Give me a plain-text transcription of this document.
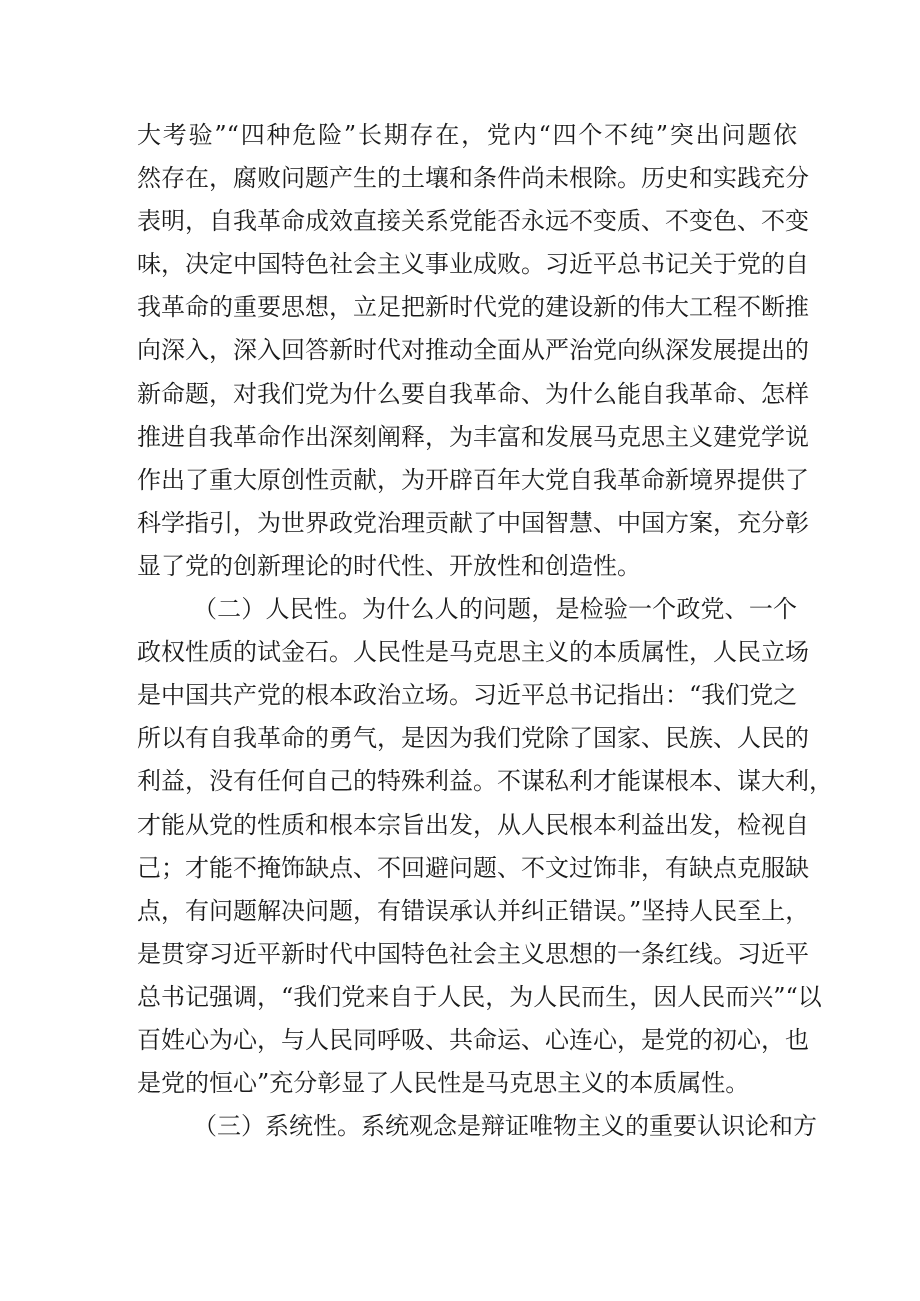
大考验”“四种危险”长期存在，党内“四个不纯”突出问题依
然存在，腐败问题产生的土壤和条件尚未根除。历史和实践充分
表明，自我革命成效直接关系党能否永远不变质、不变色、不变
味，决定中国特色社会主义事业成败。习近平总书记关于党的自
我革命的重要思想，立足把新时代党的建设新的伟大工程不断推
向深入，深入回答新时代对推动全面从严治党向纵深发展提出的
新命题，对我们党为什么要自我革命、为什么能自我革命、怎样
推进自我革命作出深刻阐释，为丰富和发展马克思主义建党学说
作出了重大原创性贡献，为开辟百年大党自我革命新境界提供了
科学指引，为世界政党治理贡献了中国智慧、中国方案，充分彰
显了党的创新理论的时代性、开放性和创造性。
（二）人民性。为什么人的问题，是检验一个政党、一个
政权性质的试金石。人民性是马克思主义的本质属性，人民立场
是中国共产党的根本政治立场。习近平总书记指出：“我们党之
所以有自我革命的勇气，是因为我们党除了国家、民族、人民的
利益，没有任何自己的特殊利益。不谋私利才能谋根本、谋大利，
才能从党的性质和根本宗旨出发，从人民根本利益出发，检视自
己；才能不掩饰缺点、不回避问题、不文过饰非，有缺点克服缺
点，有问题解决问题，有错误承认并纠正错误。”坚持人民至上，
是贯穿习近平新时代中国特色社会主义思想的一条红线。习近平
总书记强调，“我们党来自于人民，为人民而生，因人民而兴”“以
百姓心为心，与人民同呼吸、共命运、心连心，是党的初心，也
是党的恒心”充分彰显了人民性是马克思主义的本质属性。
（三）系统性。系统观念是辩证唯物主义的重要认识论和方
